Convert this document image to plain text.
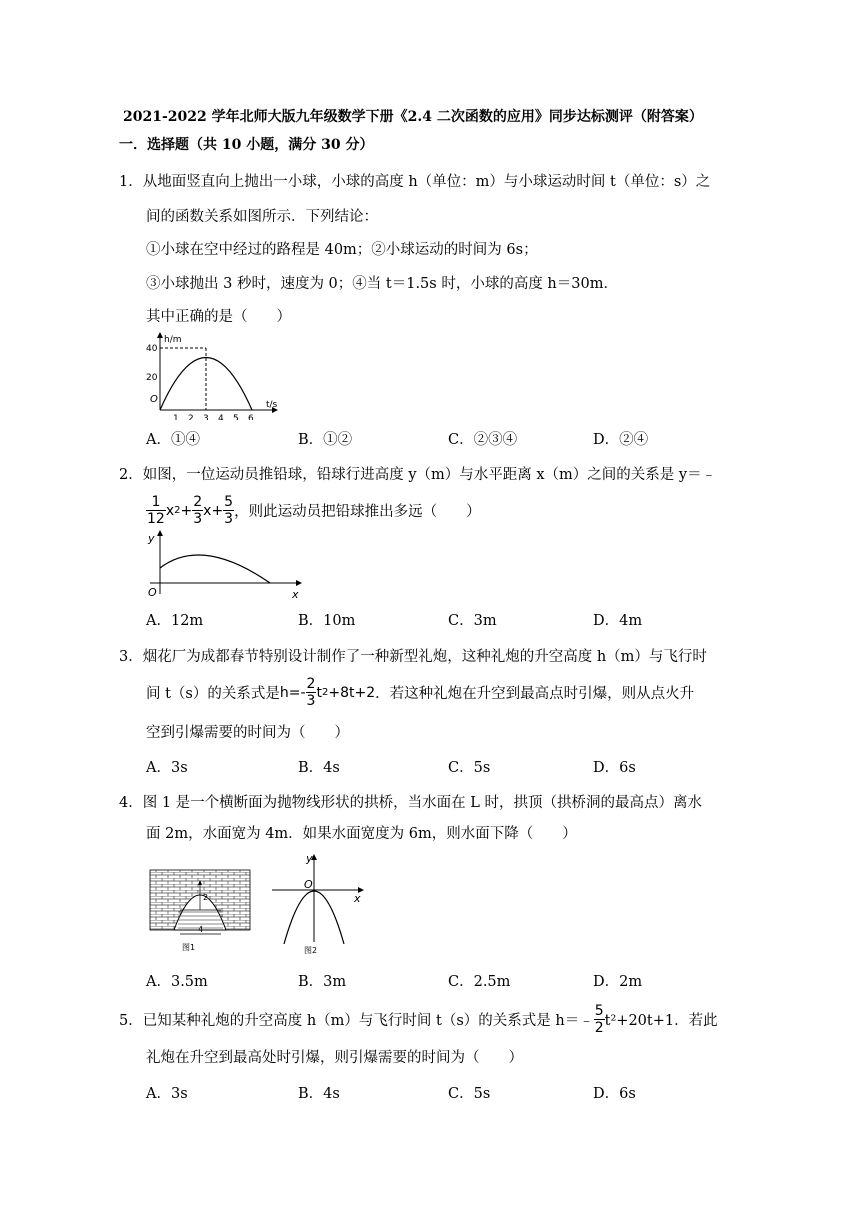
2021-2022 学年北师大版九年级数学下册《2.4 二次函数的应用》同步达标测评（附答案）
一．选择题（共 10 小题，满分 30 分）
1．从地面竖直向上抛出一小球，小球的高度 h（单位：m）与小球运动时间 t（单位：s）之
间的函数关系如图所示．下列结论：
①小球在空中经过的路程是 40m；②小球运动的时间为 6s；
③小球抛出 3 秒时，速度为 0；④当 t＝1.5s 时，小球的高度 h＝30m．
其中正确的是（　　）
h/m
t/s
O
40
20
1 2 3 4 5 6
A．①④	B．①②	C．②③④	D．②④
2．如图，一位运动员推铅球，铅球行进高度 y（m）与水平距离 x（m）之间的关系是 y＝﹣
$\frac{1}{12}$ x $2 + \frac{2}{3} x+ \frac{5}{3}$ ，则此运动员把铅球推出多远（　　）
y
x
O
A．12m	B．10m	C．3m	D．4m
3．烟花厂为成都春节特别设计制作了一种新型礼炮，这种礼炮的升空高度 h（m）与飞行时
间 t（s）的关系式是 $h=- \frac{2}{3}$ t 2 +8t+2 ．若这种礼炮在升空到最高点时引爆，则从点火升
空到引爆需要的时间为（　　）
A．3s	B．4s	C．5s	D．6s
4．图 1 是一个横断面为抛物线形状的拱桥，当水面在 L 时，拱顶（拱桥洞的最高点）离水
面 2m，水面宽为 4m．如果水面宽度为 6m，则水面下降（　　）
2
4
图1
y
x
O
图2
A．3.5m	B．3m	C．2.5m	D．2m
5．已知某种礼炮的升空高度 h（m）与飞行时间 t（s）的关系式是 h＝﹣ $\frac{5}{2} t^2+20t+1$．若此
礼炮在升空到最高处时引爆，则引爆需要的时间为（　　）
A．3s	B．4s	C．5s	D．6s
